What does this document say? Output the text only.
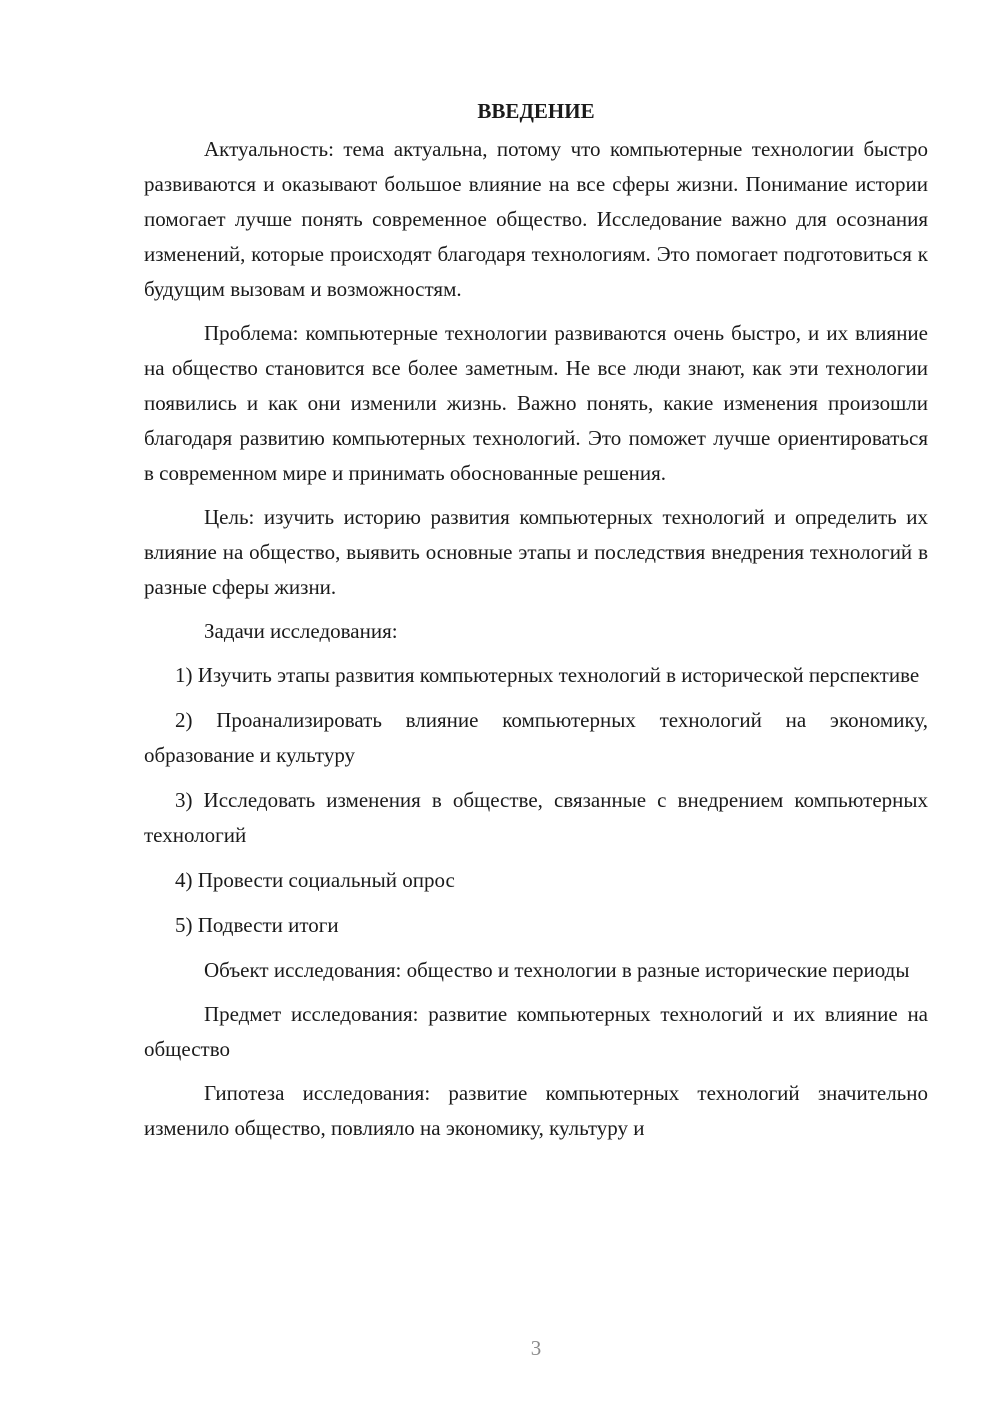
ВВЕДЕНИЕ

Актуальность: тема актуальна, потому что компьютерные технологии быстро развиваются и оказывают большое влияние на все сферы жизни. Понимание истории помогает лучше понять современное общество. Исследование важно для осознания изменений, которые происходят благодаря технологиям. Это помогает подготовиться к будущим вызовам и возможностям.

Проблема: компьютерные технологии развиваются очень быстро, и их влияние на общество становится все более заметным. Не все люди знают, как эти технологии появились и как они изменили жизнь. Важно понять, какие изменения произошли благодаря развитию компьютерных технологий. Это поможет лучше ориентироваться в современном мире и принимать обоснованные решения.

Цель: изучить историю развития компьютерных технологий и определить их влияние на общество, выявить основные этапы и последствия внедрения технологий в разные сферы жизни.

Задачи исследования:

1) Изучить этапы развития компьютерных технологий в исторической перспективе

2) Проанализировать влияние компьютерных технологий на экономику, образование и культуру

3) Исследовать изменения в обществе, связанные с внедрением компьютерных технологий

4) Провести социальный опрос

5) Подвести итоги

Объект исследования: общество и технологии в разные исторические периоды

Предмет исследования: развитие компьютерных технологий и их влияние на общество

Гипотеза исследования: развитие компьютерных технологий значительно изменило общество, повлияло на экономику, культуру и

3
